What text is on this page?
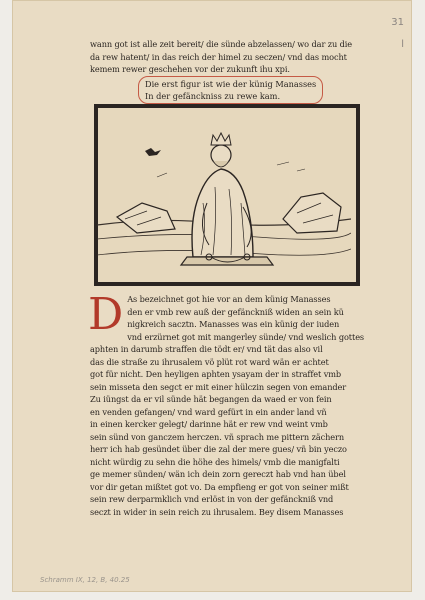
31
l
wann got ist alle zeit bereit/ die sünde abzelassen/ wo dar zu die
da rew hatent/ in das reich der himel zu seczen/ vnd das mocht
kemem rewer geschehen vor der zukunft ihu xpi.
Die erst figur ist wie der künig Manasses
In der gefänckniss zu rewe kam.
D As bezeichnet got hie vor an dem künig Manasses
den er vmb rew auß der gefänckniß widen an sein kü
nigkreich sacztn. Manasses was ein künig der iuden
vnd erzürnet got mit mangerley sünde/ vnd weslich gottes
aphten in darumb straffen die tödt er/ vnd tät das also vil
das die straße zu ihrusalem vö plüt rot ward wän er achtet
got für nicht. Den heyligen aphten ysayam der in straffet vmb
sein misseta den segct er mit einer hülczin segen von emander
Zu iüngst da er vil sünde hät begangen da waed er von fein
en venden gefangen/ vnd ward gefürt in ein ander land vñ
in einen kercker gelegt/ darinne hät er rew vnd weint vmb
sein sünd von ganczem herczen. vñ sprach me pittern zächern
herr ich hab gesündet über die zal der mere gues/ vñ bin yeczo
nicht würdig zu sehn die höhe des himels/ vmb die manigfalti
ge memer sünden/ wän ich dein zorn gereczt hab vnd han übel
vor dir getan mißtet got vo. Da empfieng er got von seiner mißt
sein rew derparmklich vnd erlöst in von der gefänckniß vnd
seczt in wider in sein reich zu ihrusalem. Bey disem Manasses
Schramm IX, 12, B, 40.25
